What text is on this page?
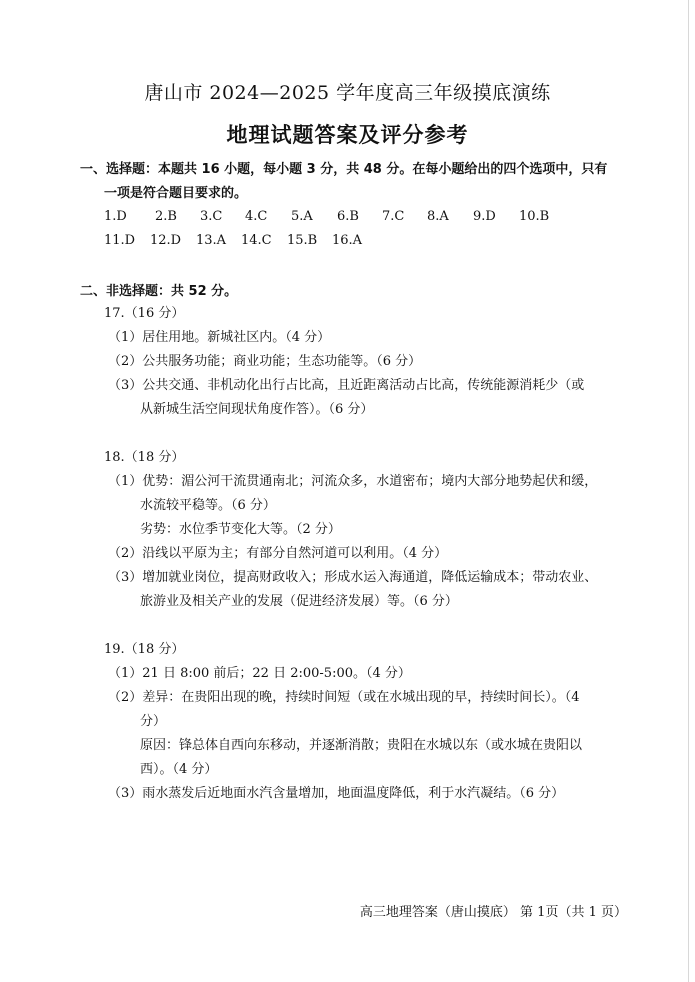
唐山市 2024—2025 学年度高三年级摸底演练
地理试题答案及评分参考
一、选择题：本题共 16 小题，每小题 3 分，共 48 分。在每小题给出的四个选项中，只有
一项是符合题目要求的。
1.D 2.B 3.C 4.C 5.A 6.B 7.C 8.A 9.D 10.B
11.D 12.D 13.A 14.C 15.B 16.A
二、非选择题：共 52 分。
17.（16 分）
（1）居住用地。新城社区内。（4 分）
（2）公共服务功能；商业功能；生态功能等。（6 分）
（3）公共交通、非机动化出行占比高，且近距离活动占比高，传统能源消耗少（或
从新城生活空间现状角度作答）。（6 分）
18.（18 分）
（1）优势：湄公河干流贯通南北；河流众多，水道密布；境内大部分地势起伏和缓，
水流较平稳等。（6 分）
劣势：水位季节变化大等。（2 分）
（2）沿线以平原为主；有部分自然河道可以利用。（4 分）
（3）增加就业岗位，提高财政收入；形成水运入海通道，降低运输成本；带动农业、
旅游业及相关产业的发展（促进经济发展）等。（6 分）
19.（18 分）
（1）21 日 8:00 前后；22 日 2:00-5:00。（4 分）
（2）差异：在贵阳出现的晚，持续时间短（或在水城出现的早，持续时间长）。（4
分）
原因：锋总体自西向东移动，并逐渐消散；贵阳在水城以东（或水城在贵阳以
西）。（4 分）
（3）雨水蒸发后近地面水汽含量增加，地面温度降低，利于水汽凝结。（6 分）
高三地理答案（唐山摸底） 第 1页（共 1 页）
